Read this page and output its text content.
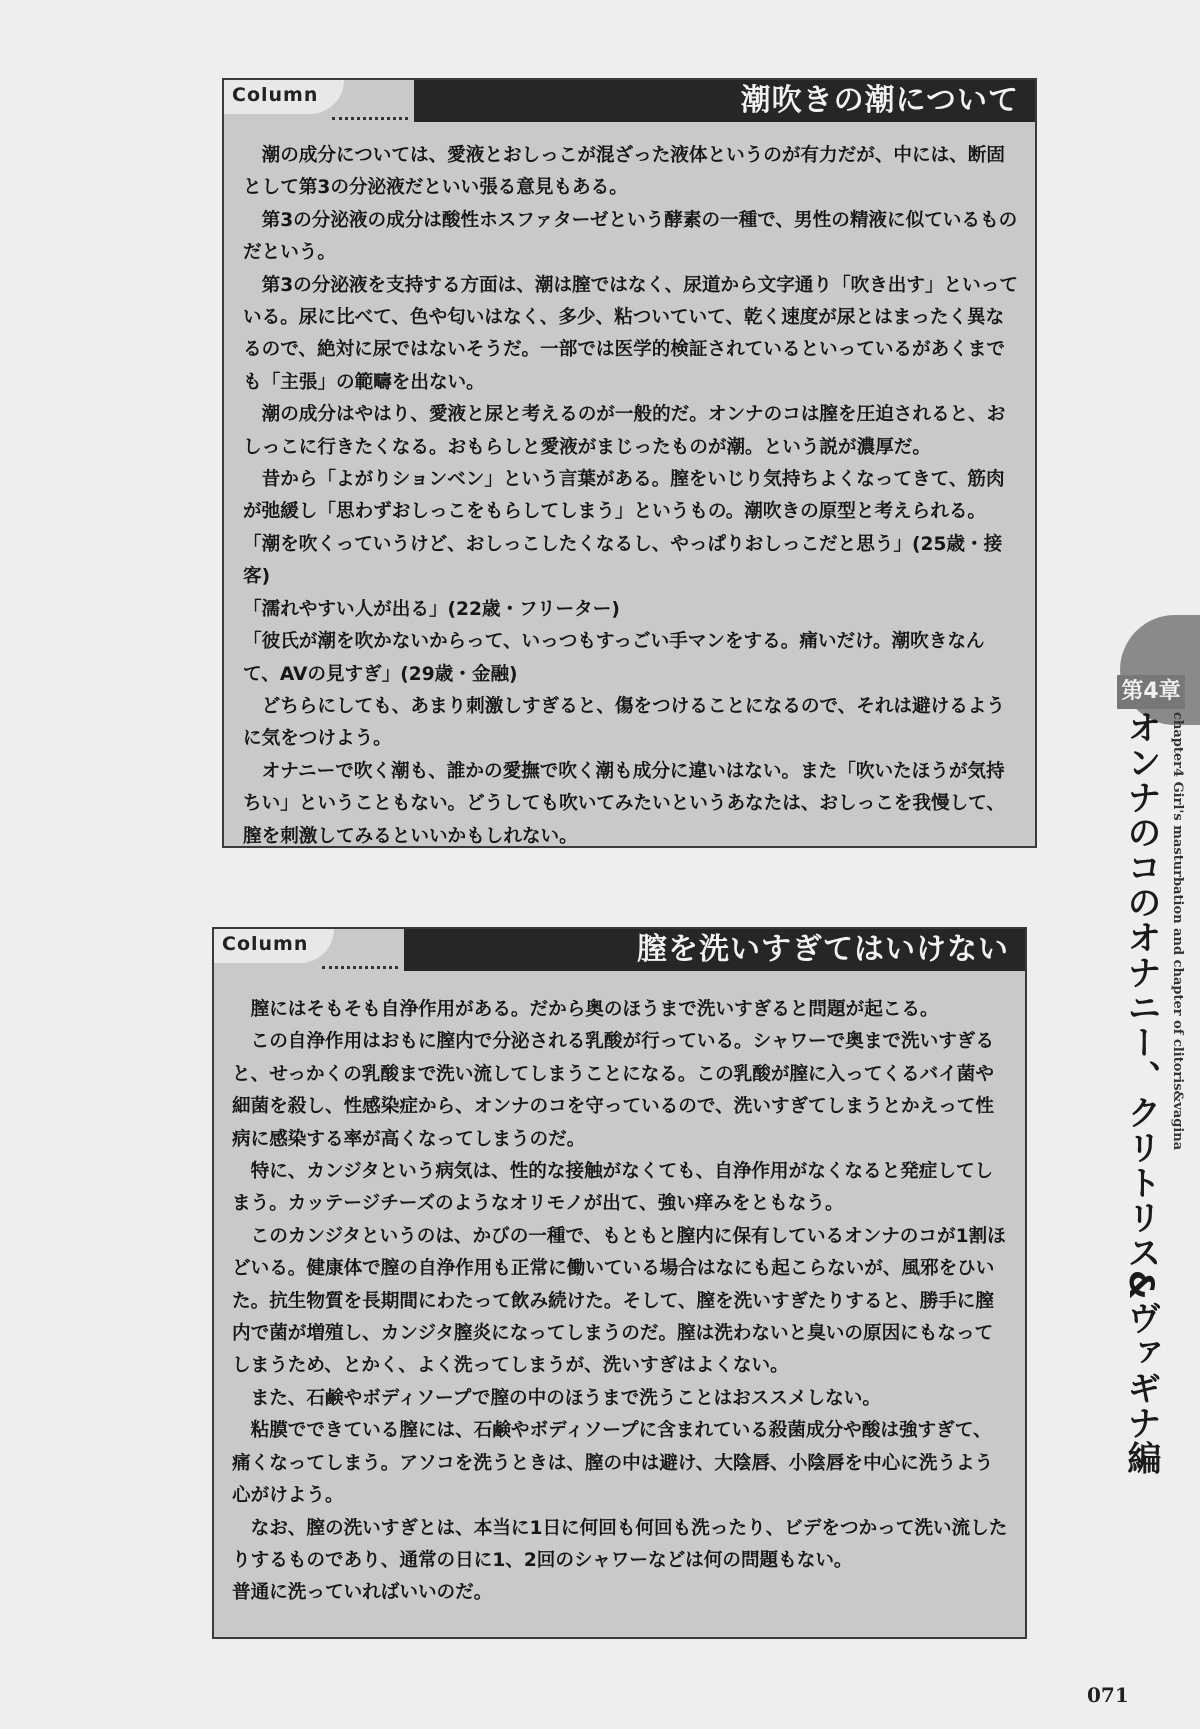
Column	潮吹きの潮について

潮の成分については、愛液とおしっこが混ざった液体というのが有力だが、中には、断固として第3の分泌液だといい張る意見もある。

第3の分泌液の成分は酸性ホスファターゼという酵素の一種で、男性の精液に似ているものだという。

第3の分泌液を支持する方面は、潮は膣ではなく、尿道から文字通り「吹き出す」といっている。尿に比べて、色や匂いはなく、多少、粘ついていて、乾く速度が尿とはまったく異なるので、絶対に尿ではないそうだ。一部では医学的検証されているといっているがあくまでも「主張」の範疇を出ない。

潮の成分はやはり、愛液と尿と考えるのが一般的だ。オンナのコは膣を圧迫されると、おしっこに行きたくなる。おもらしと愛液がまじったものが潮。という説が濃厚だ。

昔から「よがりションベン」という言葉がある。膣をいじり気持ちよくなってきて、筋肉が弛緩し「思わずおしっこをもらしてしまう」というもの。潮吹きの原型と考えられる。

「潮を吹くっていうけど、おしっこしたくなるし、やっぱりおしっこだと思う」(25歳・接客)

「濡れやすい人が出る」(22歳・フリーター)

「彼氏が潮を吹かないからって、いっつもすっごい手マンをする。痛いだけ。潮吹きなんて、AVの見すぎ」(29歳・金融)

どちらにしても、あまり刺激しすぎると、傷をつけることになるので、それは避けるように気をつけよう。

オナニーで吹く潮も、誰かの愛撫で吹く潮も成分に違いはない。また「吹いたほうが気持ちい」ということもない。どうしても吹いてみたいというあなたは、おしっこを我慢して、膣を刺激してみるといいかもしれない。

Column	膣を洗いすぎてはいけない

膣にはそもそも自浄作用がある。だから奥のほうまで洗いすぎると問題が起こる。

この自浄作用はおもに膣内で分泌される乳酸が行っている。シャワーで奥まで洗いすぎると、せっかくの乳酸まで洗い流してしまうことになる。この乳酸が膣に入ってくるバイ菌や細菌を殺し、性感染症から、オンナのコを守っているので、洗いすぎてしまうとかえって性病に感染する率が高くなってしまうのだ。

特に、カンジタという病気は、性的な接触がなくても、自浄作用がなくなると発症してしまう。カッテージチーズのようなオリモノが出て、強い痒みをともなう。

このカンジタというのは、かびの一種で、もともと膣内に保有しているオンナのコが1割ほどいる。健康体で膣の自浄作用も正常に働いている場合はなにも起こらないが、風邪をひいた。抗生物質を長期間にわたって飲み続けた。そして、膣を洗いすぎたりすると、勝手に膣内で菌が増殖し、カンジタ膣炎になってしまうのだ。膣は洗わないと臭いの原因にもなってしまうため、とかく、よく洗ってしまうが、洗いすぎはよくない。

また、石鹸やボディソープで膣の中のほうまで洗うことはおススメしない。

粘膜でできている膣には、石鹸やボディソープに含まれている殺菌成分や酸は強すぎて、痛くなってしまう。アソコを洗うときは、膣の中は避け、大陰唇、小陰唇を中心に洗うよう心がけよう。

なお、膣の洗いすぎとは、本当に1日に何回も何回も洗ったり、ビデをつかって洗い流したりするものであり、通常の日に1、2回のシャワーなどは何の問題もない。

普通に洗っていればいいのだ。

第4章
オンナのコのオナニー、クリトリス&ヴァギナ編 chapter4 Girl's masturbation and chapter of clitoris&vagina
071
